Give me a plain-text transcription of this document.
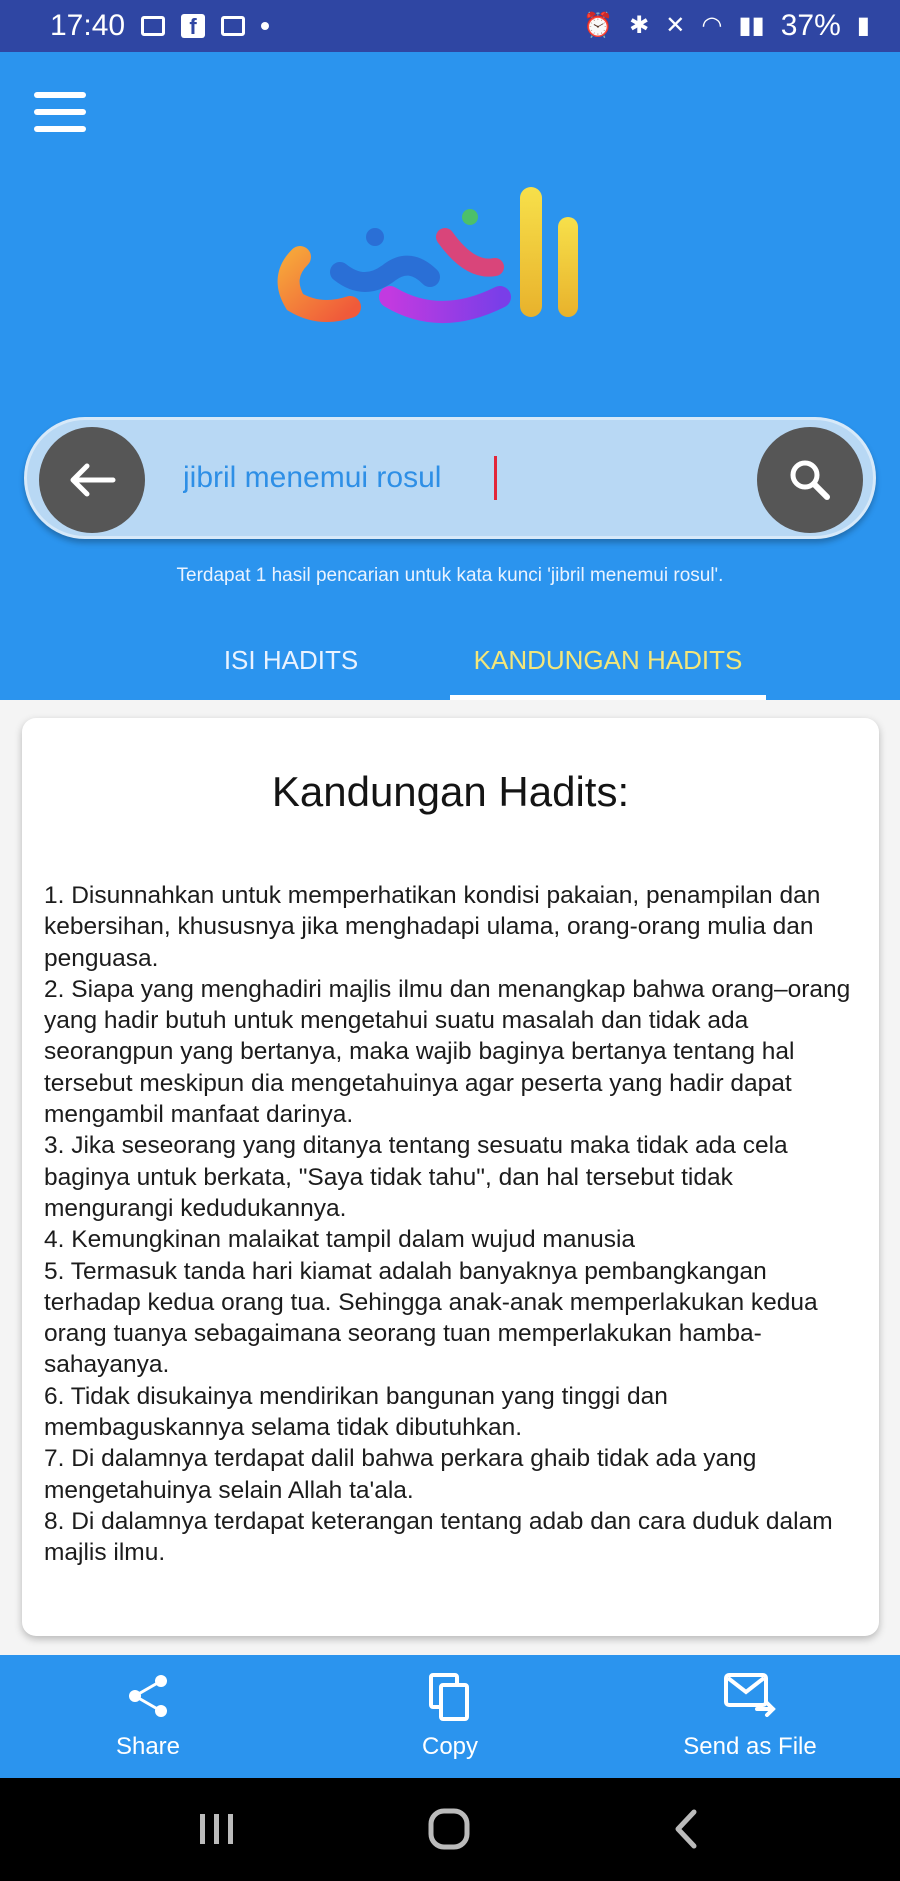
17:40	f	⏰ ✱ ✕ ◠ ▮▮ 37% ▮
jibril menemui rosul
Terdapat 1 hasil pencarian untuk kata kunci 'jibril menemui rosul'.
ISI HADITS	KANDUNGAN HADITS
Kandungan Hadits:

1. Disunnahkan untuk memperhatikan kondisi pakaian, penampilan dan kebersihan, khususnya jika menghadapi ulama, orang-orang mulia dan penguasa.

2. Siapa yang menghadiri majlis ilmu dan menangkap bahwa orang–orang yang hadir butuh untuk mengetahui suatu masalah dan tidak ada seorangpun yang bertanya, maka wajib baginya bertanya tentang hal tersebut meskipun dia mengetahuinya agar peserta yang hadir dapat mengambil manfaat darinya.

3. Jika seseorang yang ditanya tentang sesuatu maka tidak ada cela baginya untuk berkata, "Saya tidak tahu", dan hal tersebut tidak mengurangi kedudukannya.

4. Kemungkinan malaikat tampil dalam wujud manusia

5. Termasuk tanda hari kiamat adalah banyaknya pembangkangan terhadap kedua orang tua. Sehingga anak-anak memperlakukan kedua orang tuanya sebagaimana seorang tuan memperlakukan hamba-sahayanya.

6. Tidak disukainya mendirikan bangunan yang tinggi dan membaguskannya selama tidak dibutuhkan.

7. Di dalamnya terdapat dalil bahwa perkara ghaib tidak ada yang mengetahuinya selain Allah ta'ala.

8. Di dalamnya terdapat keterangan tentang adab dan cara duduk dalam majlis ilmu.

Share	Copy	Send as File
